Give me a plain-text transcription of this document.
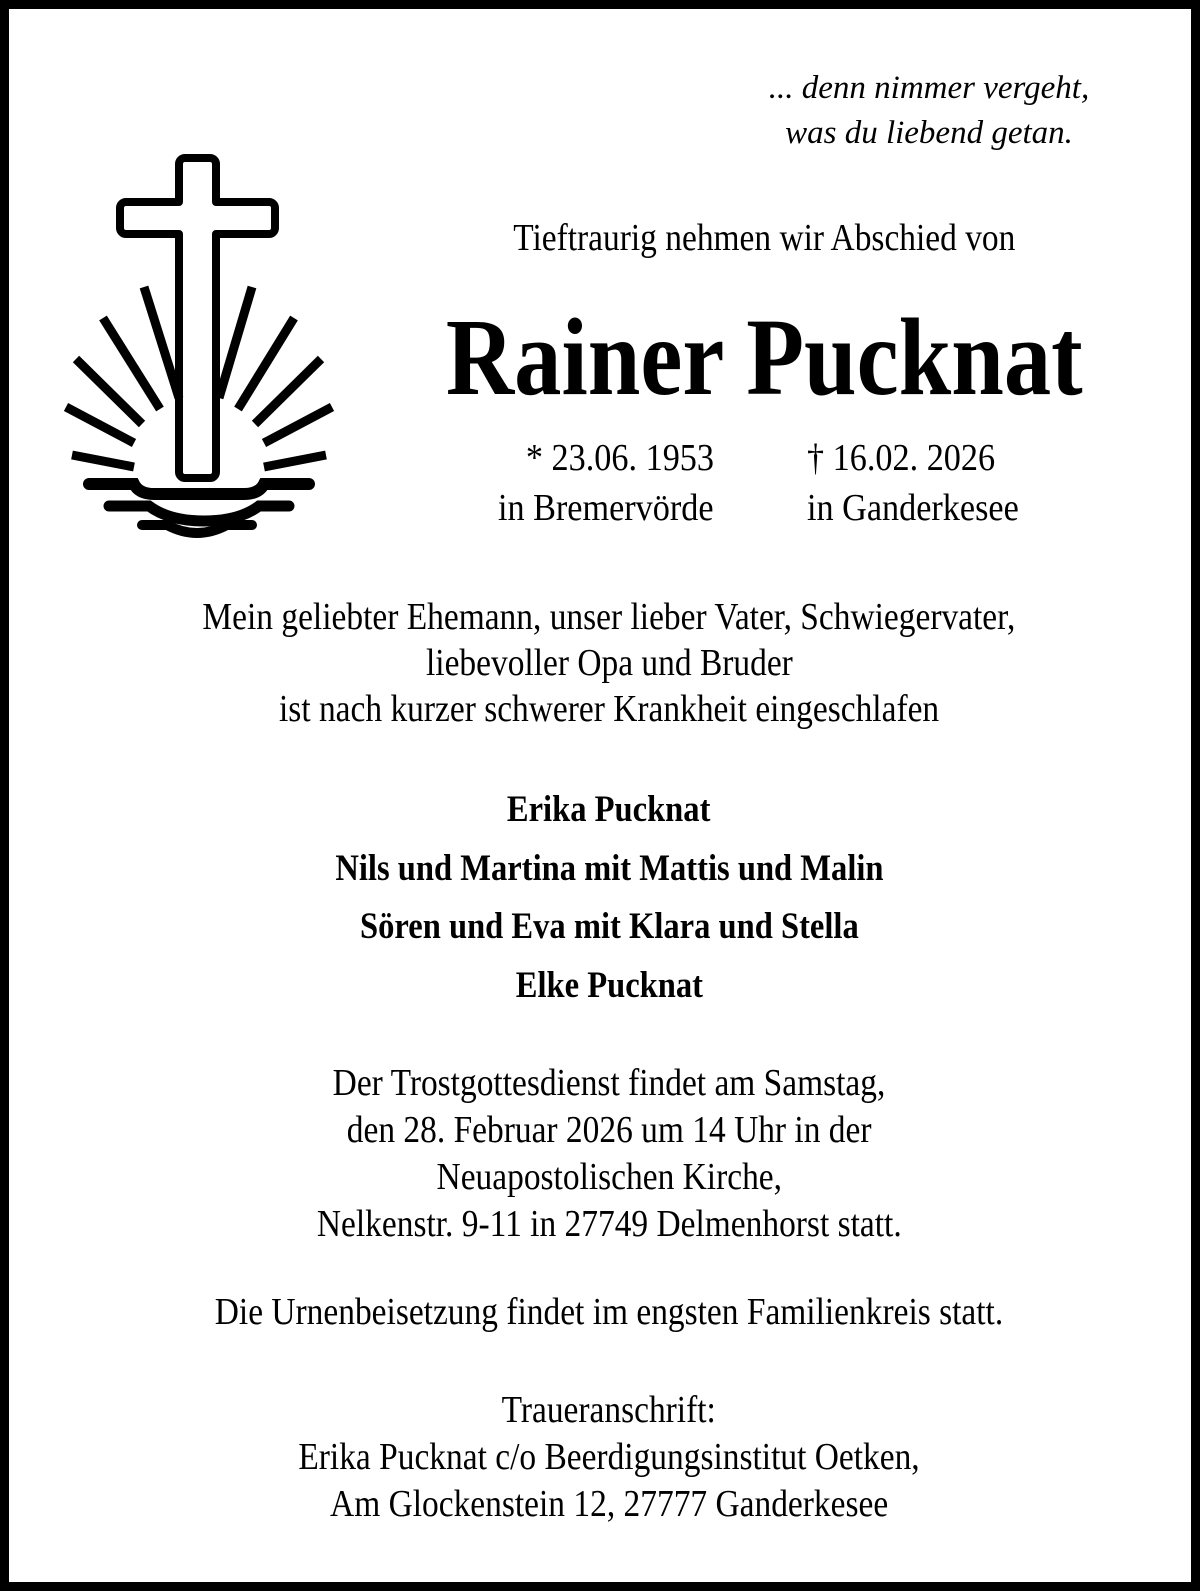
... denn nimmer vergeht,
was du liebend getan.
Tieftraurig nehmen wir Abschied von
Rainer Pucknat
* 23.06. 1953
in Bremervörde
† 16.02. 2026
in Ganderkesee
Mein geliebter Ehemann, unser lieber Vater, Schwiegervater,
liebevoller Opa und Bruder
ist nach kurzer schwerer Krankheit eingeschlafen
Erika Pucknat
Nils und Martina mit Mattis und Malin
Sören und Eva mit Klara und Stella
Elke Pucknat
Der Trostgottesdienst findet am Samstag,
den 28. Februar 2026 um 14 Uhr in der
Neuapostolischen Kirche,
Nelkenstr. 9-11 in 27749 Delmenhorst statt.
Die Urnenbeisetzung findet im engsten Familienkreis statt.
Traueranschrift:
Erika Pucknat c/o Beerdigungsinstitut Oetken,
Am Glockenstein 12, 27777 Ganderkesee
